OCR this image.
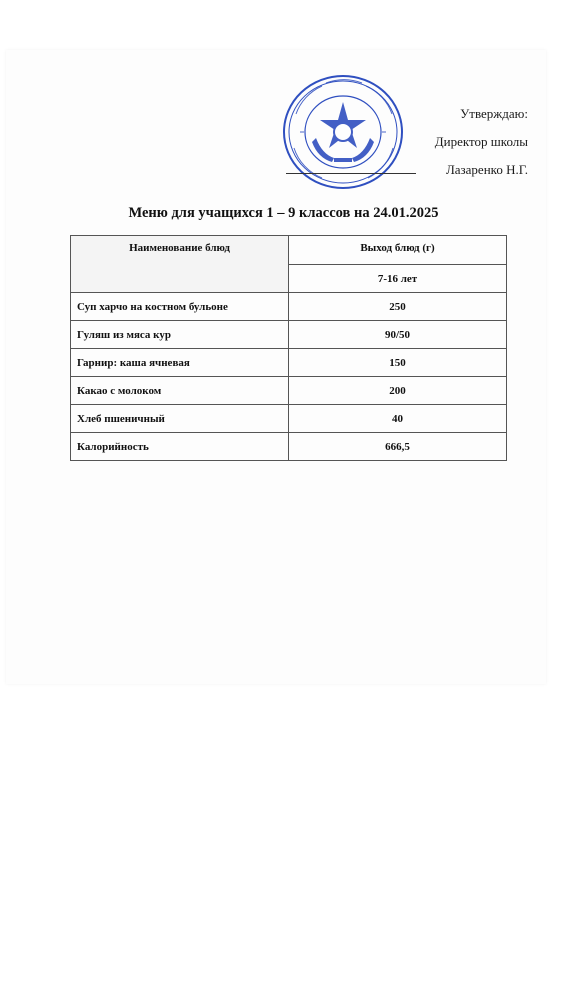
Утверждаю:
Директор школы
Лазаренко Н.Г.
Меню для учащихся 1 – 9 классов на 24.01.2025
Наименование блюд	Выход блюд (г)
	7-16 лет
Суп харчо на костном бульоне	250
Гуляш из мяса кур	90/50
Гарнир: каша ячневая	150
Какао с молоком	200
Хлеб пшеничный	40
Калорийность	666,5
